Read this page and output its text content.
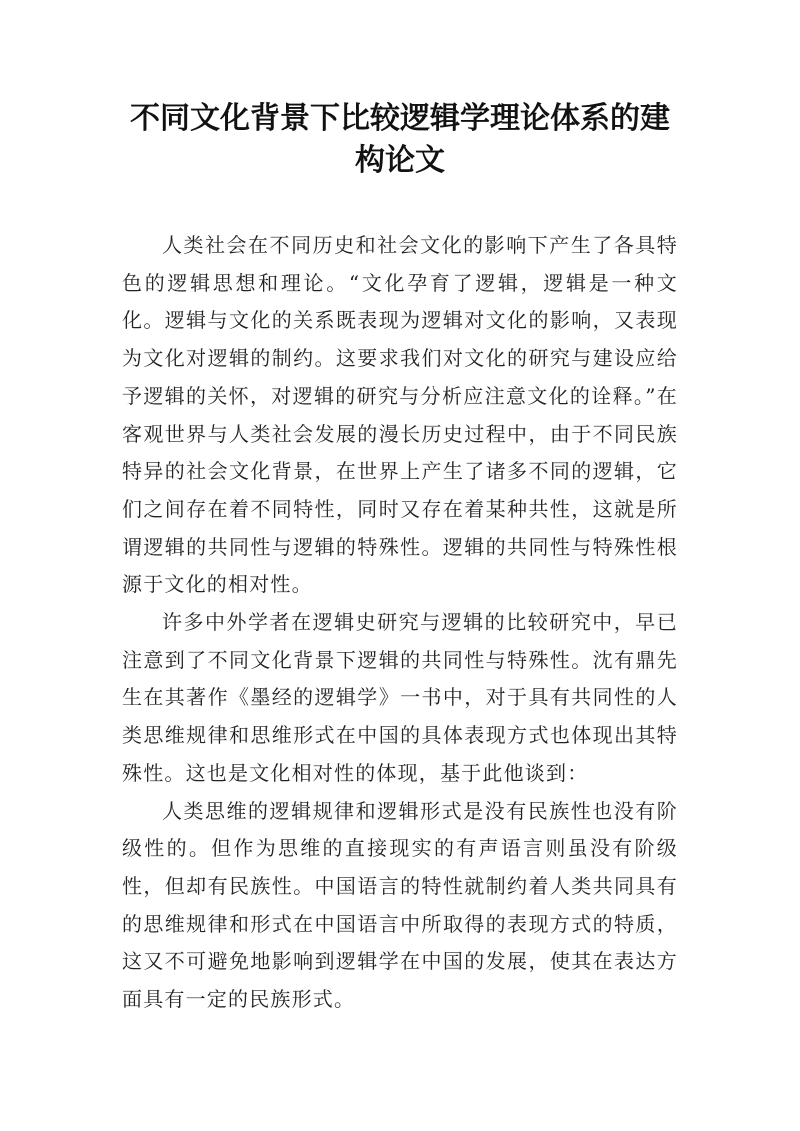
不同文化背景下比较逻辑学理论体系的建
构论文

人类社会在不同历史和社会文化的影响下产生了各具特色的逻辑思想和理论。“文化孕育了逻辑，逻辑是一种文化。逻辑与文化的关系既表现为逻辑对文化的影响，又表现为文化对逻辑的制约。这要求我们对文化的研究与建设应给予逻辑的关怀，对逻辑的研究与分析应注意文化的诠释。”在客观世界与人类社会发展的漫长历史过程中，由于不同民族特异的社会文化背景，在世界上产生了诸多不同的逻辑，它们之间存在着不同特性，同时又存在着某种共性，这就是所谓逻辑的共同性与逻辑的特殊性。逻辑的共同性与特殊性根源于文化的相对性。

许多中外学者在逻辑史研究与逻辑的比较研究中，早已注意到了不同文化背景下逻辑的共同性与特殊性。沈有鼎先生在其著作《墨经的逻辑学》一书中，对于具有共同性的人类思维规律和思维形式在中国的具体表现方式也体现出其特殊性。这也是文化相对性的体现，基于此他谈到：

人类思维的逻辑规律和逻辑形式是没有民族性也没有阶级性的。但作为思维的直接现实的有声语言则虽没有阶级性，但却有民族性。中国语言的特性就制约着人类共同具有的思维规律和形式在中国语言中所取得的表现方式的特质，这又不可避免地影响到逻辑学在中国的发展，使其在表达方面具有一定的民族形式。
